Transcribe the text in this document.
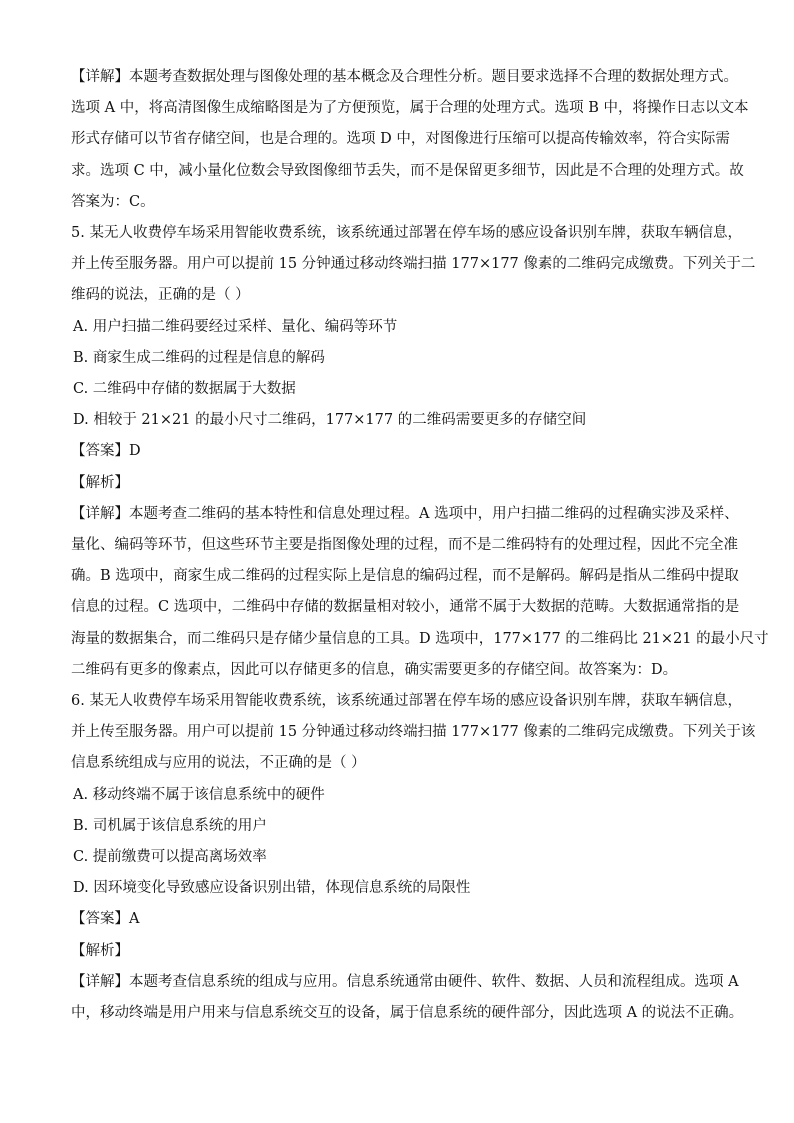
【详解】本题考查数据处理与图像处理的基本概念及合理性分析。题目要求选择不合理的数据处理方式。
选项 A 中，将高清图像生成缩略图是为了方便预览，属于合理的处理方式。选项 B 中，将操作日志以文本
形式存储可以节省存储空间，也是合理的。选项 D 中，对图像进行压缩可以提高传输效率，符合实际需
求。选项 C 中，减小量化位数会导致图像细节丢失，而不是保留更多细节，因此是不合理的处理方式。故
答案为：C。
5. 某无人收费停车场采用智能收费系统，该系统通过部署在停车场的感应设备识别车牌，获取车辆信息，
并上传至服务器。用户可以提前 15 分钟通过移动终端扫描 177×177 像素的二维码完成缴费。下列关于二
维码的说法，正确的是（ ）
A. 用户扫描二维码要经过采样、量化、编码等环节
B. 商家生成二维码的过程是信息的解码
C. 二维码中存储的数据属于大数据
D. 相较于 21×21 的最小尺寸二维码，177×177 的二维码需要更多的存储空间
【答案】D
【解析】
【详解】本题考查二维码的基本特性和信息处理过程。A 选项中，用户扫描二维码的过程确实涉及采样、
量化、编码等环节，但这些环节主要是指图像处理的过程，而不是二维码特有的处理过程，因此不完全准
确。B 选项中，商家生成二维码的过程实际上是信息的编码过程，而不是解码。解码是指从二维码中提取
信息的过程。C 选项中，二维码中存储的数据量相对较小，通常不属于大数据的范畴。大数据通常指的是
海量的数据集合，而二维码只是存储少量信息的工具。D 选项中，177×177 的二维码比 21×21 的最小尺寸
二维码有更多的像素点，因此可以存储更多的信息，确实需要更多的存储空间。故答案为：D。
6. 某无人收费停车场采用智能收费系统，该系统通过部署在停车场的感应设备识别车牌，获取车辆信息，
并上传至服务器。用户可以提前 15 分钟通过移动终端扫描 177×177 像素的二维码完成缴费。下列关于该
信息系统组成与应用的说法，不正确的是（ ）
A. 移动终端不属于该信息系统中的硬件
B. 司机属于该信息系统的用户
C. 提前缴费可以提高离场效率
D. 因环境变化导致感应设备识别出错，体现信息系统的局限性
【答案】A
【解析】
【详解】本题考查信息系统的组成与应用。信息系统通常由硬件、软件、数据、人员和流程组成。选项 A
中，移动终端是用户用来与信息系统交互的设备，属于信息系统的硬件部分，因此选项 A 的说法不正确。
